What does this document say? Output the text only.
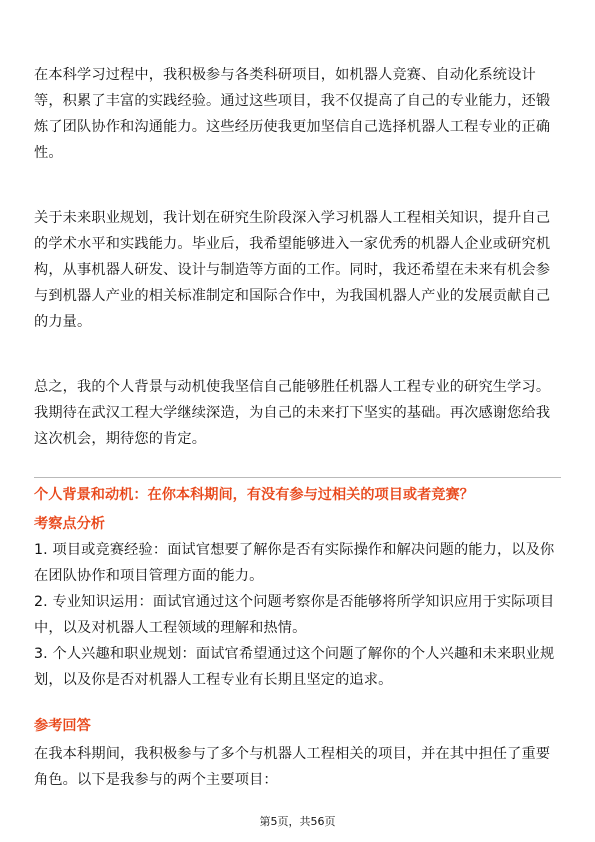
在本科学习过程中，我积极参与各类科研项目，如机器人竞赛、自动化系统设计
等，积累了丰富的实践经验。通过这些项目，我不仅提高了自己的专业能力，还锻
炼了团队协作和沟通能力。这些经历使我更加坚信自己选择机器人工程专业的正确
性。

关于未来职业规划，我计划在研究生阶段深入学习机器人工程相关知识，提升自己
的学术水平和实践能力。毕业后，我希望能够进入一家优秀的机器人企业或研究机
构，从事机器人研发、设计与制造等方面的工作。同时，我还希望在未来有机会参
与到机器人产业的相关标准制定和国际合作中，为我国机器人产业的发展贡献自己
的力量。

总之，我的个人背景与动机使我坚信自己能够胜任机器人工程专业的研究生学习。
我期待在武汉工程大学继续深造，为自己的未来打下坚实的基础。再次感谢您给我
这次机会，期待您的肯定。

个人背景和动机：在你本科期间，有没有参与过相关的项目或者竞赛？
考察点分析
1. 项目或竞赛经验：面试官想要了解你是否有实际操作和解决问题的能力，以及你
在团队协作和项目管理方面的能力。
2. 专业知识运用：面试官通过这个问题考察你是否能够将所学知识应用于实际项目
中，以及对机器人工程领域的理解和热情。
3. 个人兴趣和职业规划：面试官希望通过这个问题了解你的个人兴趣和未来职业规
划，以及你是否对机器人工程专业有长期且坚定的追求。
参考回答
在我本科期间，我积极参与了多个与机器人工程相关的项目，并在其中担任了重要
角色。以下是我参与的两个主要项目：
第5页，共56页
